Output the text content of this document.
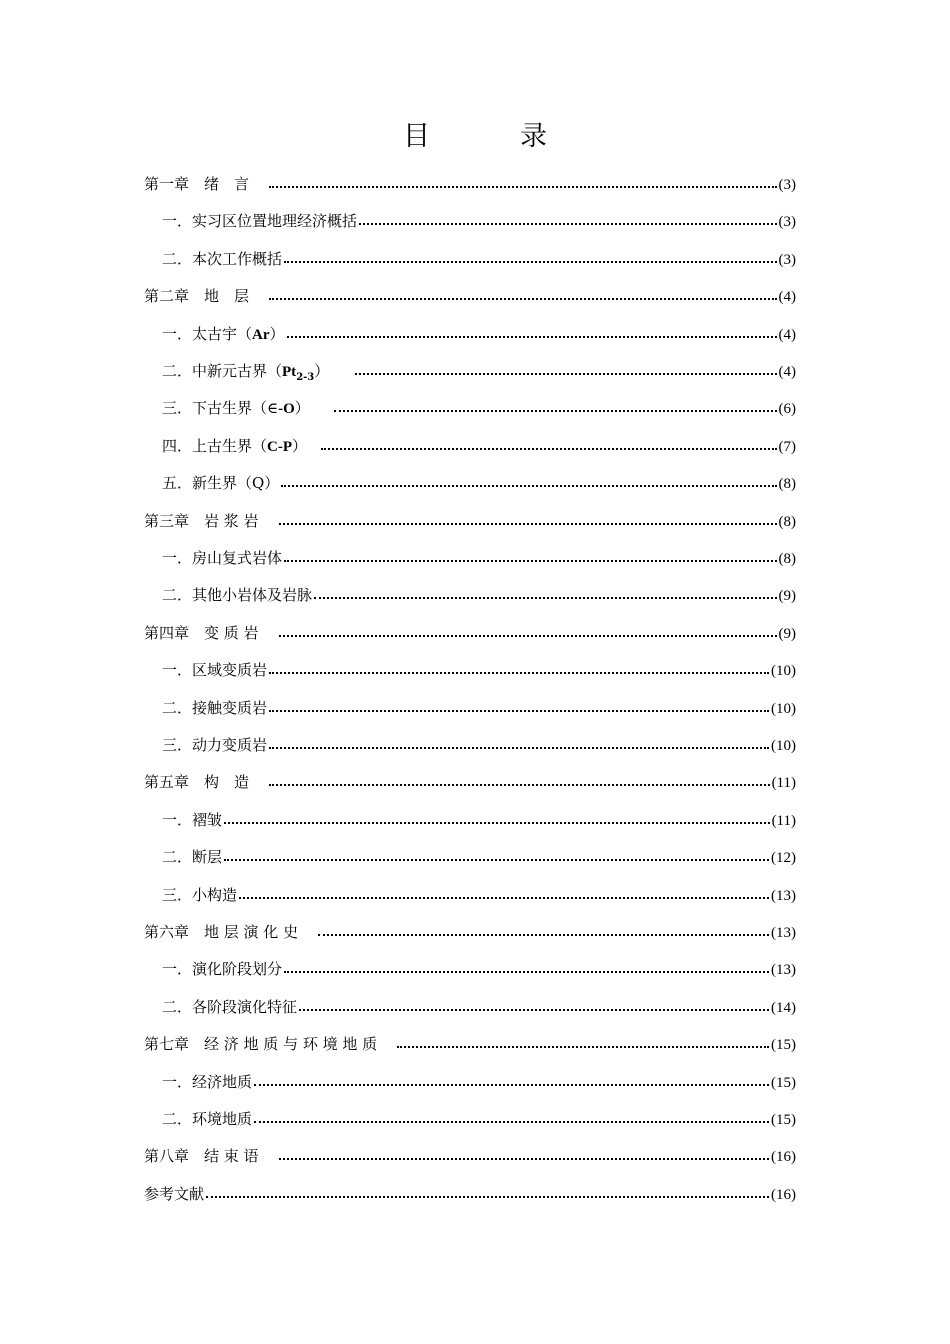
目	录
第一章　绪　言	(3)
一．实习区位置地理经济概括	(3)
二．本次工作概括	(3)
第二章　地　层	(4)
一．太古宇（Ar）	(4)
二．中新元古界$(Pt_{2-3})$	(4)
三．下古生界（∈-O）	(6)
四．上古生界（C-P）	(7)
五．新生界（Q）	(8)
第三章　岩 浆 岩	(8)
一．房山复式岩体	(8)
二．其他小岩体及岩脉	(9)
第四章　变 质 岩	(9)
一．区域变质岩	(10)
二．接触变质岩	(10)
三．动力变质岩	(10)
第五章　构　造	(11)
一．褶皱	(11)
二．断层	(12)
三．小构造	(13)
第六章　地 层 演 化 史	(13)
一．演化阶段划分	(13)
二．各阶段演化特征	(14)
第七章　经 济 地 质 与 环 境 地 质	(15)
一．经济地质	(15)
二．环境地质	(15)
第八章　结 束 语	(16)
参考文献	(16)
